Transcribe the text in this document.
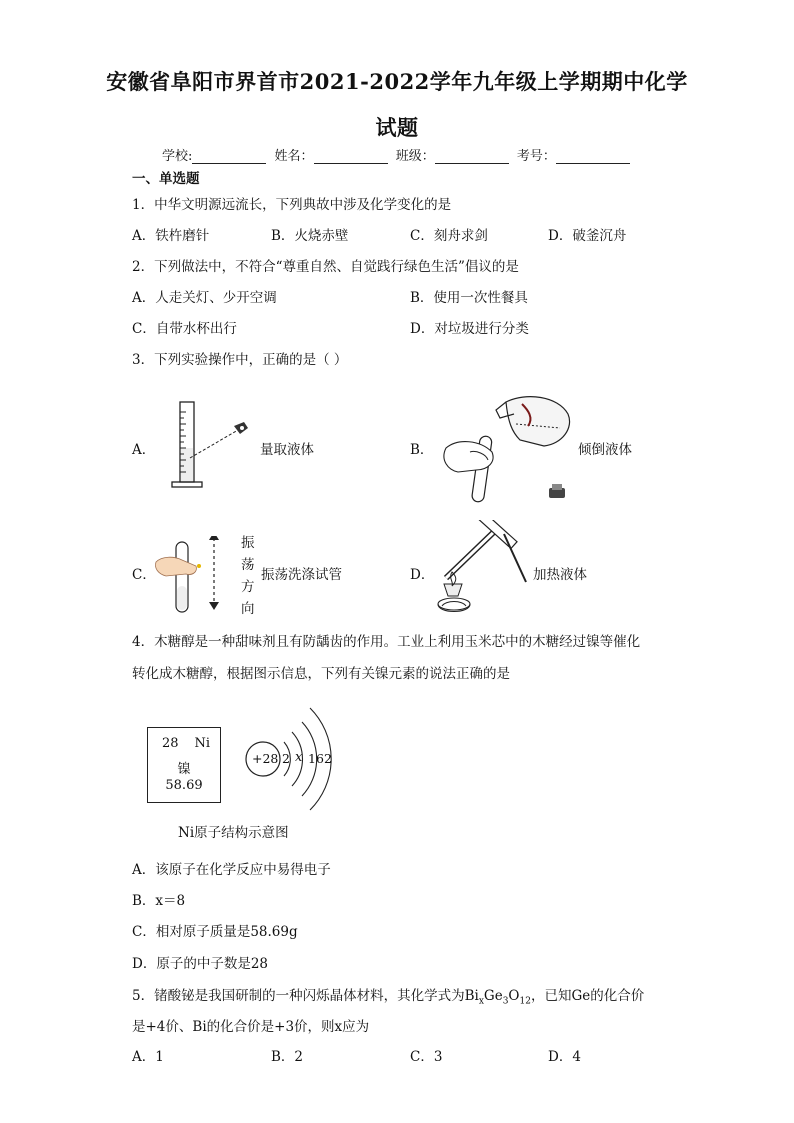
安徽省阜阳市界首市2021-2022学年九年级上学期期中化学
试题
学校:	姓名：	班级：	考号：
一、单选题
1．中华文明源远流长，下列典故中涉及化学变化的是
A．铁杵磨针	B．火烧赤壁	C．刻舟求剑	D．破釜沉舟
2．下列做法中，不符合“尊重自然、自觉践行绿色生活”倡议的是
A．人走关灯、少开空调	B．使用一次性餐具
C．自带水杯出行	D．对垃圾进行分类
3．下列实验操作中，正确的是（ ）
A．	量取液体	B．	倾倒液体
C．
振荡方向
振荡洗涤试管	D．	加热液体
4．木糖醇是一种甜味剂且有防龋齿的作用。工业上利用玉米芯中的木糖经过镍等催化
转化成木糖醇，根据图示信息，下列有关镍元素的说法正确的是
28 Ni
镍
58.69
+28 2 x 16 2
Ni原子结构示意图
A．该原子在化学反应中易得电子
B．x＝8
C．相对原子质量是58.69g
D．原子的中子数是28
5．锗酸铋是我国研制的一种闪烁晶体材料，其化学式为$Bi_xGe_3O_{12}$，已知Ge的化合价
是+4价、Bi的化合价是+3价，则x应为
A．1	B．2	C．3	D．4
